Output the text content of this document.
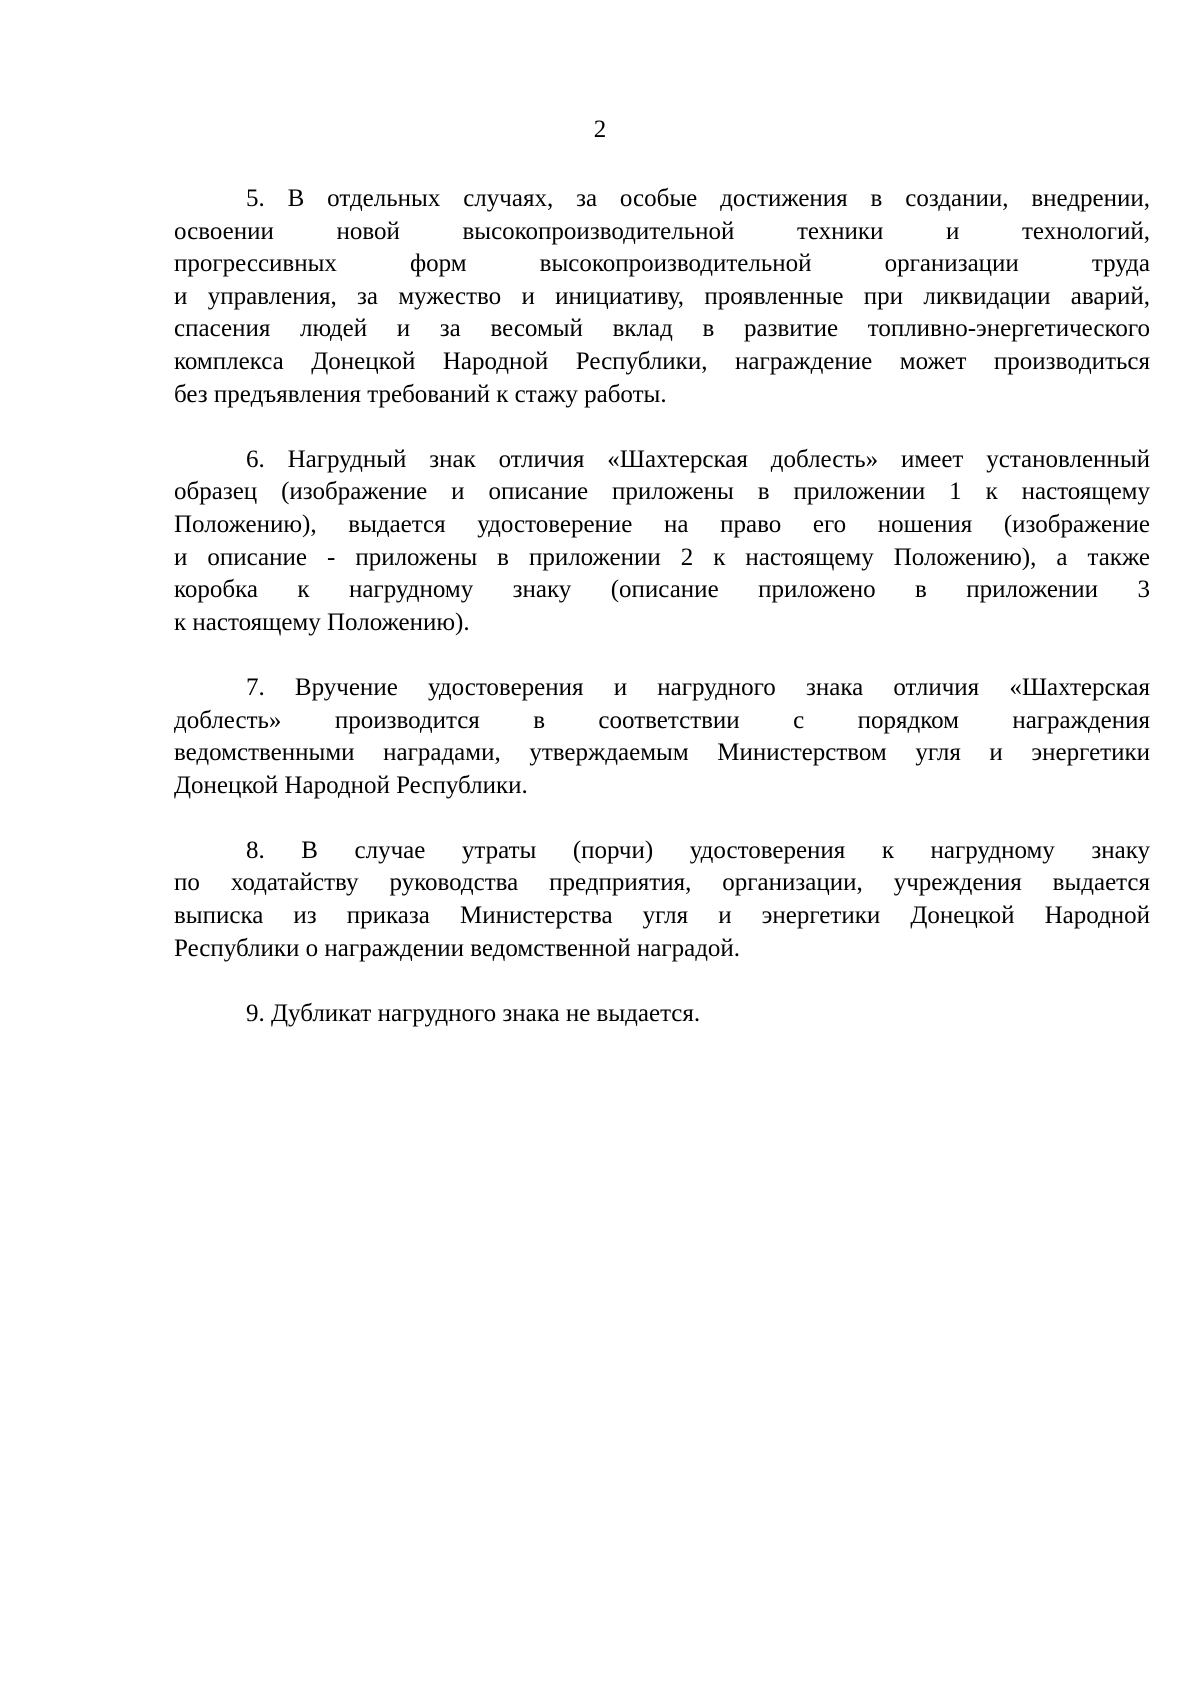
2
5. В отдельных случаях, за особые достижения в создании, внедрении,
освоении новой высокопроизводительной техники и технологий,
прогрессивных форм высокопроизводительной организации труда
и управления, за мужество и инициативу, проявленные при ликвидации аварий,
спасения людей и за весомый вклад в развитие топливно-энергетического
комплекса Донецкой Народной Республики, награждение может производиться
без предъявления требований к стажу работы.
6. Нагрудный знак отличия «Шахтерская доблесть» имеет установленный
образец (изображение и описание приложены в приложении 1 к настоящему
Положению), выдается удостоверение на право его ношения (изображение
и описание - приложены в приложении 2 к настоящему Положению), а также
коробка к нагрудному знаку (описание приложено в приложении 3
к настоящему Положению).
7. Вручение удостоверения и нагрудного знака отличия «Шахтерская
доблесть» производится в соответствии с порядком награждения
ведомственными наградами, утверждаемым Министерством угля и энергетики
Донецкой Народной Республики.
8. В случае утраты (порчи) удостоверения к нагрудному знаку
по ходатайству руководства предприятия, организации, учреждения выдается
выписка из приказа Министерства угля и энергетики Донецкой Народной
Республики о награждении ведомственной наградой.
9. Дубликат нагрудного знака не выдается.
